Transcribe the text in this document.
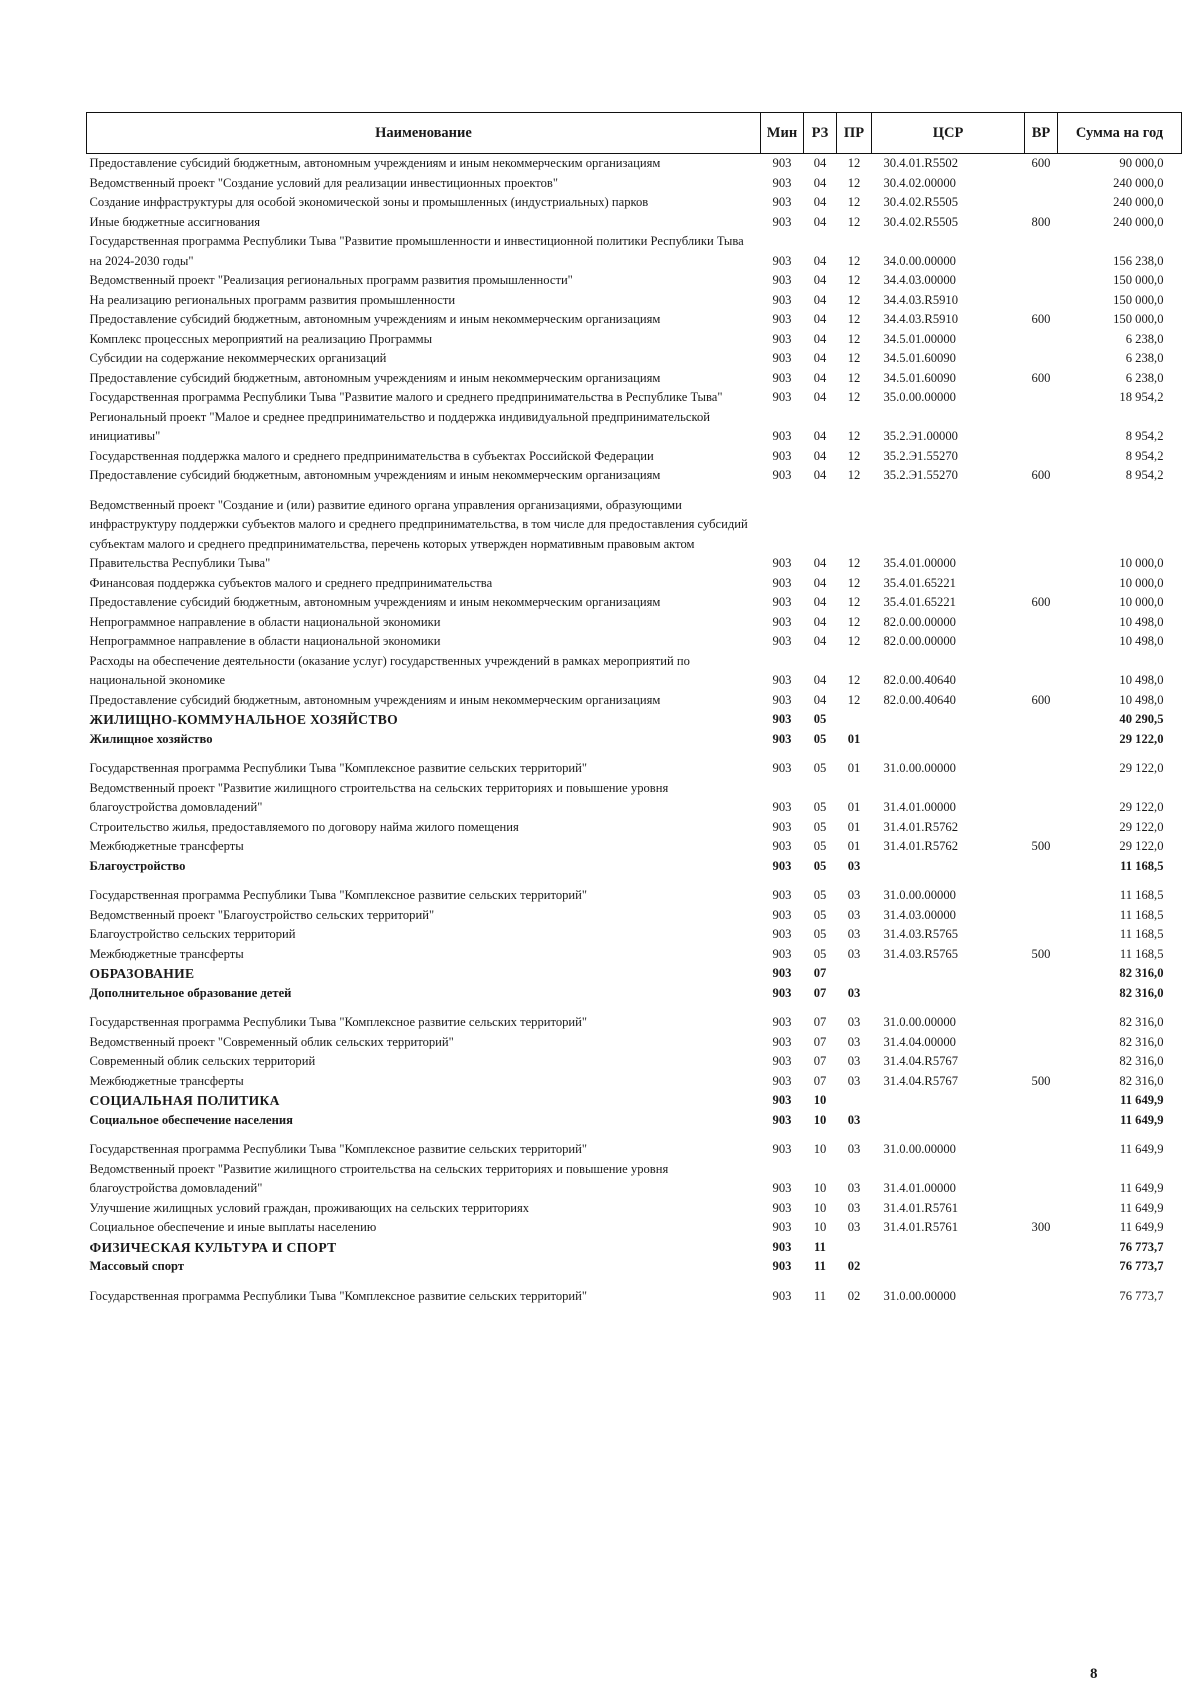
Наименование	Мин	РЗ	ПР	ЦСР	ВР	Сумма на год
Предоставление субсидий бюджетным, автономным учреждениям и иным некоммерческим организациям	903	04	12	30.4.01.R5502	600	90 000,0
Ведомственный проект "Создание условий для реализации инвестиционных проектов"	903	04	12	30.4.02.00000		240 000,0
Создание инфраструктуры для особой экономической зоны и промышленных (индустриальных) парков	903	04	12	30.4.02.R5505		240 000,0
Иные бюджетные ассигнования	903	04	12	30.4.02.R5505	800	240 000,0
Государственная программа Республики Тыва "Развитие промышленности и инвестиционной политики Республики Тыва на 2024-2030 годы"	903	04	12	34.0.00.00000		156 238,0
Ведомственный проект "Реализация региональных программ развития промышленности"	903	04	12	34.4.03.00000		150 000,0
На реализацию региональных программ развития промышленности	903	04	12	34.4.03.R5910		150 000,0
Предоставление субсидий бюджетным, автономным учреждениям и иным некоммерческим организациям	903	04	12	34.4.03.R5910	600	150 000,0
Комплекс процессных мероприятий на реализацию Программы	903	04	12	34.5.01.00000		6 238,0
Субсидии на содержание некоммерческих организаций	903	04	12	34.5.01.60090		6 238,0
Предоставление субсидий бюджетным, автономным учреждениям и иным некоммерческим организациям	903	04	12	34.5.01.60090	600	6 238,0
Государственная программа Республики Тыва "Развитие малого и среднего предпринимательства в Республике Тыва"	903	04	12	35.0.00.00000		18 954,2
Региональный проект "Малое и среднее предпринимательство и поддержка индивидуальной предпринимательской инициативы"	903	04	12	35.2.Э1.00000		8 954,2
Государственная поддержка малого и среднего предпринимательства в субъектах Российской Федерации	903	04	12	35.2.Э1.55270		8 954,2
Предоставление субсидий бюджетным, автономным учреждениям и иным некоммерческим организациям	903	04	12	35.2.Э1.55270	600	8 954,2
Ведомственный проект "Создание и (или) развитие единого органа управления организациями, образующими инфраструктуру поддержки субъектов малого и среднего предпринимательства, в том числе для предоставления субсидий субъектам малого и среднего предпринимательства, перечень которых утвержден нормативным правовым актом Правительства Республики Тыва"	903	04	12	35.4.01.00000		10 000,0
Финансовая поддержка субъектов малого и среднего предпринимательства	903	04	12	35.4.01.65221		10 000,0
Предоставление субсидий бюджетным, автономным учреждениям и иным некоммерческим организациям	903	04	12	35.4.01.65221	600	10 000,0
Непрограммное направление в области национальной экономики	903	04	12	82.0.00.00000		10 498,0
Непрограммное направление в области национальной экономики	903	04	12	82.0.00.00000		10 498,0
Расходы на обеспечение деятельности (оказание услуг) государственных учреждений в рамках мероприятий по национальной экономике	903	04	12	82.0.00.40640		10 498,0
Предоставление субсидий бюджетным, автономным учреждениям и иным некоммерческим организациям	903	04	12	82.0.00.40640	600	10 498,0
ЖИЛИЩНО-КОММУНАЛЬНОЕ ХОЗЯЙСТВО	903	05				40 290,5
Жилищное хозяйство	903	05	01			29 122,0
Государственная программа Республики Тыва "Комплексное развитие сельских территорий"	903	05	01	31.0.00.00000		29 122,0
Ведомственный проект "Развитие жилищного строительства на сельских территориях и повышение уровня благоустройства домовладений"	903	05	01	31.4.01.00000		29 122,0
Строительство жилья, предоставляемого по договору найма жилого помещения	903	05	01	31.4.01.R5762		29 122,0
Межбюджетные трансферты	903	05	01	31.4.01.R5762	500	29 122,0
Благоустройство	903	05	03			11 168,5
Государственная программа Республики Тыва "Комплексное развитие сельских территорий"	903	05	03	31.0.00.00000		11 168,5
Ведомственный проект "Благоустройство сельских территорий"	903	05	03	31.4.03.00000		11 168,5
Благоустройство сельских территорий	903	05	03	31.4.03.R5765		11 168,5
Межбюджетные трансферты	903	05	03	31.4.03.R5765	500	11 168,5
ОБРАЗОВАНИЕ	903	07				82 316,0
Дополнительное образование детей	903	07	03			82 316,0
Государственная программа Республики Тыва "Комплексное развитие сельских территорий"	903	07	03	31.0.00.00000		82 316,0
Ведомственный проект "Современный облик сельских территорий"	903	07	03	31.4.04.00000		82 316,0
Современный облик сельских территорий	903	07	03	31.4.04.R5767		82 316,0
Межбюджетные трансферты	903	07	03	31.4.04.R5767	500	82 316,0
СОЦИАЛЬНАЯ ПОЛИТИКА	903	10				11 649,9
Социальное обеспечение населения	903	10	03			11 649,9
Государственная программа Республики Тыва "Комплексное развитие сельских территорий"	903	10	03	31.0.00.00000		11 649,9
Ведомственный проект "Развитие жилищного строительства на сельских территориях и повышение уровня благоустройства домовладений"	903	10	03	31.4.01.00000		11 649,9
Улучшение жилищных условий граждан, проживающих на сельских территориях	903	10	03	31.4.01.R5761		11 649,9
Социальное обеспечение и иные выплаты населению	903	10	03	31.4.01.R5761	300	11 649,9
ФИЗИЧЕСКАЯ КУЛЬТУРА И СПОРТ	903	11				76 773,7
Массовый спорт	903	11	02			76 773,7
Государственная программа Республики Тыва "Комплексное развитие сельских территорий"	903	11	02	31.0.00.00000		76 773,7
8
